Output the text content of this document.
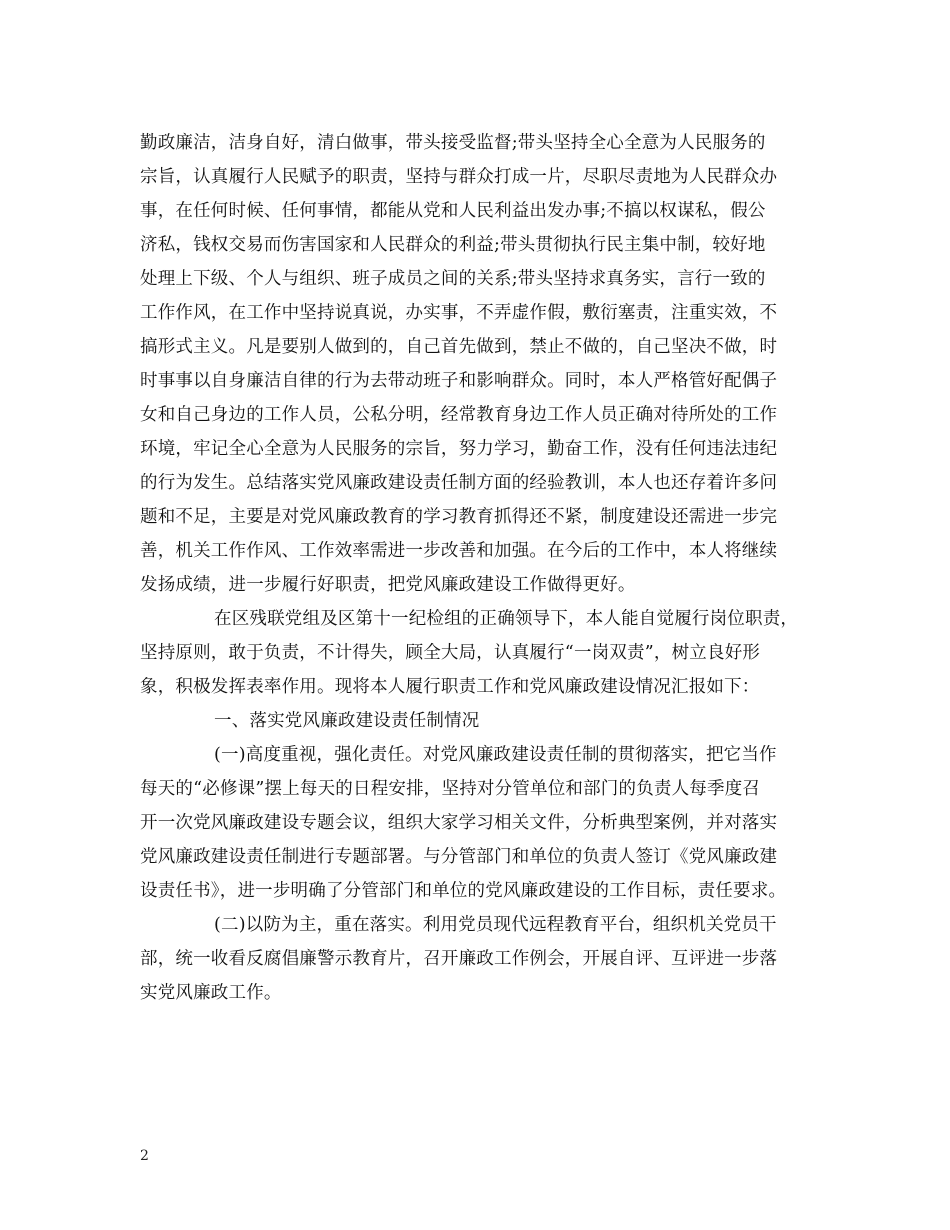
勤政廉洁，洁身自好，清白做事，带头接受监督;带头坚持全心全意为人民服务的
宗旨，认真履行人民赋予的职责，坚持与群众打成一片，尽职尽责地为人民群众办
事，在任何时候、任何事情，都能从党和人民利益出发办事;不搞以权谋私，假公
济私，钱权交易而伤害国家和人民群众的利益;带头贯彻执行民主集中制，较好地
处理上下级、个人与组织、班子成员之间的关系;带头坚持求真务实，言行一致的
工作作风，在工作中坚持说真说，办实事，不弄虚作假，敷衍塞责，注重实效，不
搞形式主义。凡是要别人做到的，自己首先做到，禁止不做的，自己坚决不做，时
时事事以自身廉洁自律的行为去带动班子和影响群众。同时，本人严格管好配偶子
女和自己身边的工作人员，公私分明，经常教育身边工作人员正确对待所处的工作
环境，牢记全心全意为人民服务的宗旨，努力学习，勤奋工作，没有任何违法违纪
的行为发生。总结落实党风廉政建设责任制方面的经验教训，本人也还存着许多问
题和不足，主要是对党风廉政教育的学习教育抓得还不紧，制度建设还需进一步完
善，机关工作作风、工作效率需进一步改善和加强。在今后的工作中，本人将继续
发扬成绩，进一步履行好职责，把党风廉政建设工作做得更好。
在区残联党组及区第十一纪检组的正确领导下，本人能自觉履行岗位职责，
坚持原则，敢于负责，不计得失，顾全大局，认真履行“一岗双责”，树立良好形
象，积极发挥表率作用。现将本人履行职责工作和党风廉政建设情况汇报如下：
一、落实党风廉政建设责任制情况
(一)高度重视，强化责任。对党风廉政建设责任制的贯彻落实，把它当作
每天的“必修课”摆上每天的日程安排，坚持对分管单位和部门的负责人每季度召
开一次党风廉政建设专题会议，组织大家学习相关文件，分析典型案例，并对落实
党风廉政建设责任制进行专题部署。与分管部门和单位的负责人签订《党风廉政建
设责任书》，进一步明确了分管部门和单位的党风廉政建设的工作目标，责任要求。
(二)以防为主，重在落实。利用党员现代远程教育平台，组织机关党员干
部，统一收看反腐倡廉警示教育片，召开廉政工作例会，开展自评、互评进一步落
实党风廉政工作。
2
